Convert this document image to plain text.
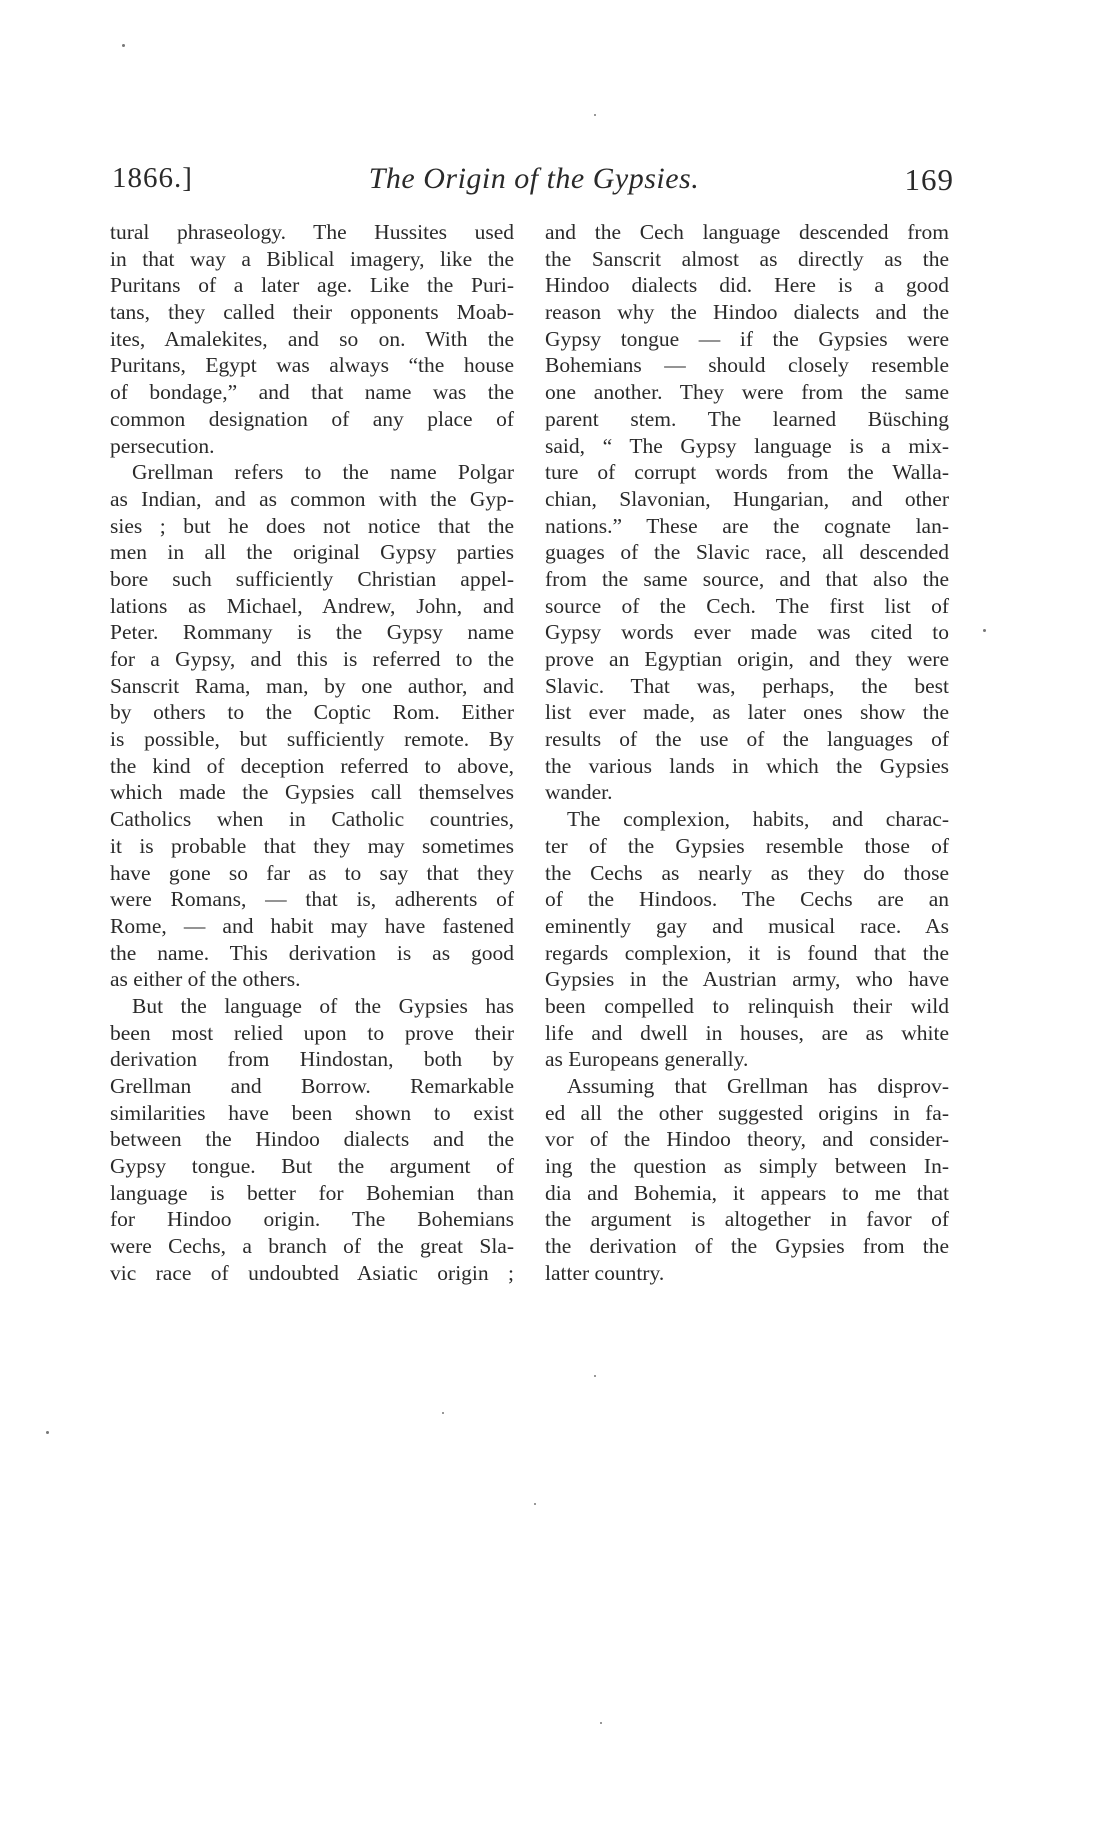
1866.]	The Origin of the Gypsies.	169

tural phraseology. The Hussites used
in that way a Biblical imagery, like the
Puritans of a later age. Like the Puri-
tans, they called their opponents Moab-
ites, Amalekites, and so on. With the
Puritans, Egypt was always “the house
of bondage,” and that name was the
common designation of any place of
persecution.

Grellman refers to the name Polgar
as Indian, and as common with the Gyp-
sies ; but he does not notice that the
men in all the original Gypsy parties
bore such sufficiently Christian appel-
lations as Michael, Andrew, John, and
Peter. Rommany is the Gypsy name
for a Gypsy, and this is referred to the
Sanscrit Rama, man, by one author, and
by others to the Coptic Rom. Either
is possible, but sufficiently remote. By
the kind of deception referred to above,
which made the Gypsies call themselves
Catholics when in Catholic countries,
it is probable that they may sometimes
have gone so far as to say that they
were Romans, — that is, adherents of
Rome, — and habit may have fastened
the name. This derivation is as good
as either of the others.

But the language of the Gypsies has
been most relied upon to prove their
derivation from Hindostan, both by
Grellman and Borrow. Remarkable
similarities have been shown to exist
between the Hindoo dialects and the
Gypsy tongue. But the argument of
language is better for Bohemian than
for Hindoo origin. The Bohemians
were Cechs, a branch of the great Sla-
vic race of undoubted Asiatic origin ;

and the Cech language descended from
the Sanscrit almost as directly as the
Hindoo dialects did. Here is a good
reason why the Hindoo dialects and the
Gypsy tongue — if the Gypsies were
Bohemians — should closely resemble
one another. They were from the same
parent stem. The learned Büsching
said, “ The Gypsy language is a mix-
ture of corrupt words from the Walla-
chian, Slavonian, Hungarian, and other
nations.” These are the cognate lan-
guages of the Slavic race, all descended
from the same source, and that also the
source of the Cech. The first list of
Gypsy words ever made was cited to
prove an Egyptian origin, and they were
Slavic. That was, perhaps, the best
list ever made, as later ones show the
results of the use of the languages of
the various lands in which the Gypsies
wander.

The complexion, habits, and charac-
ter of the Gypsies resemble those of
the Cechs as nearly as they do those
of the Hindoos. The Cechs are an
eminently gay and musical race. As
regards complexion, it is found that the
Gypsies in the Austrian army, who have
been compelled to relinquish their wild
life and dwell in houses, are as white
as Europeans generally.

Assuming that Grellman has disprov-
ed all the other suggested origins in fa-
vor of the Hindoo theory, and consider-
ing the question as simply between In-
dia and Bohemia, it appears to me that
the argument is altogether in favor of
the derivation of the Gypsies from the
latter country.
